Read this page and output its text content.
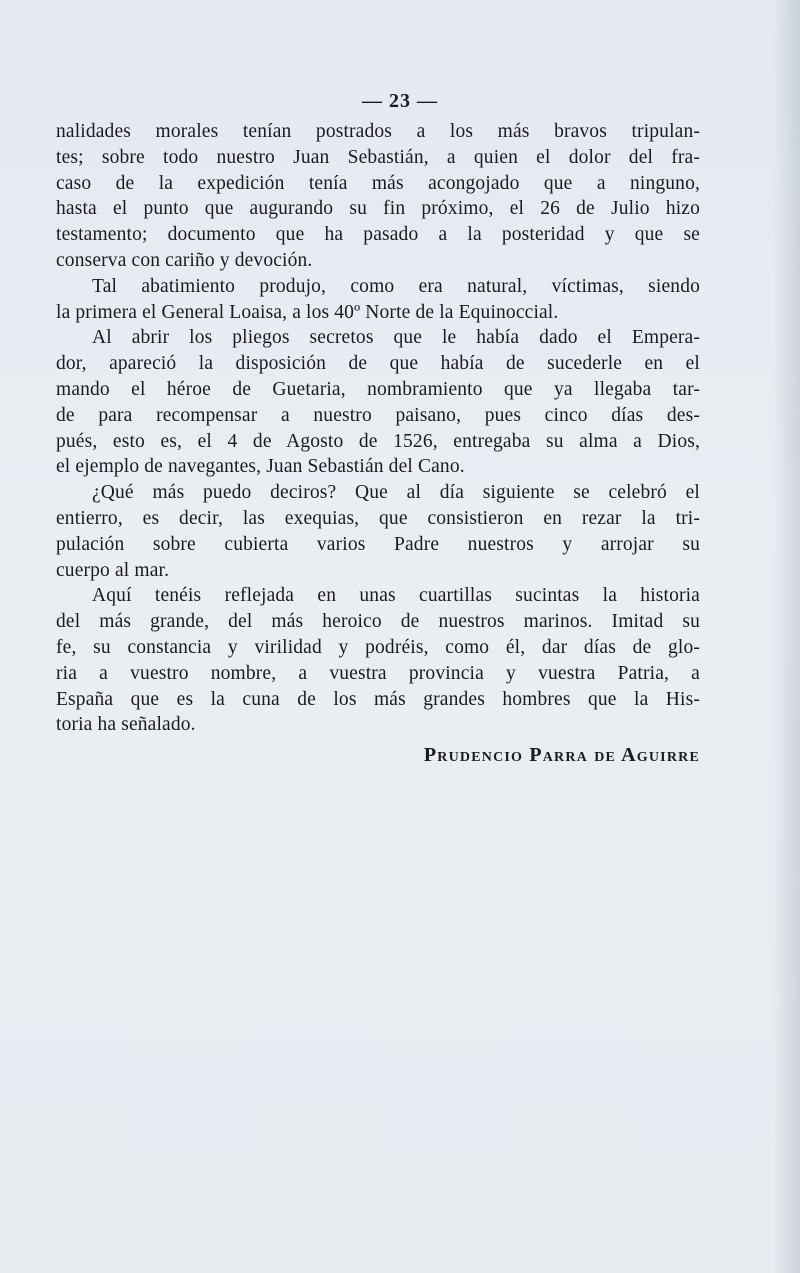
— 23 —
nalidades morales tenían postrados a los más bravos tripulan-
tes; sobre todo nuestro Juan Sebastián, a quien el dolor del fra-
caso de la expedición tenía más acongojado que a ninguno,
hasta el punto que augurando su fin próximo, el 26 de Julio hizo
testamento; documento que ha pasado a la posteridad y que se
conserva con cariño y devoción.
Tal abatimiento produjo, como era natural, víctimas, siendo
la primera el General Loaisa, a los 40º Norte de la Equinoccial.
Al abrir los pliegos secretos que le había dado el Empera-
dor, apareció la disposición de que había de sucederle en el
mando el héroe de Guetaria, nombramiento que ya llegaba tar-
de para recompensar a nuestro paisano, pues cinco días des-
pués, esto es, el 4 de Agosto de 1526, entregaba su alma a Dios,
el ejemplo de navegantes, Juan Sebastián del Cano.
¿Qué más puedo deciros? Que al día siguiente se celebró el
entierro, es decir, las exequias, que consistieron en rezar la tri-
pulación sobre cubierta varios Padre nuestros y arrojar su
cuerpo al mar.
Aquí tenéis reflejada en unas cuartillas sucintas la historia
del más grande, del más heroico de nuestros marinos. Imitad su
fe, su constancia y virilidad y podréis, como él, dar días de glo-
ria a vuestro nombre, a vuestra provincia y vuestra Patria, a
España que es la cuna de los más grandes hombres que la His-
toria ha señalado.
Prudencio Parra de Aguirre
